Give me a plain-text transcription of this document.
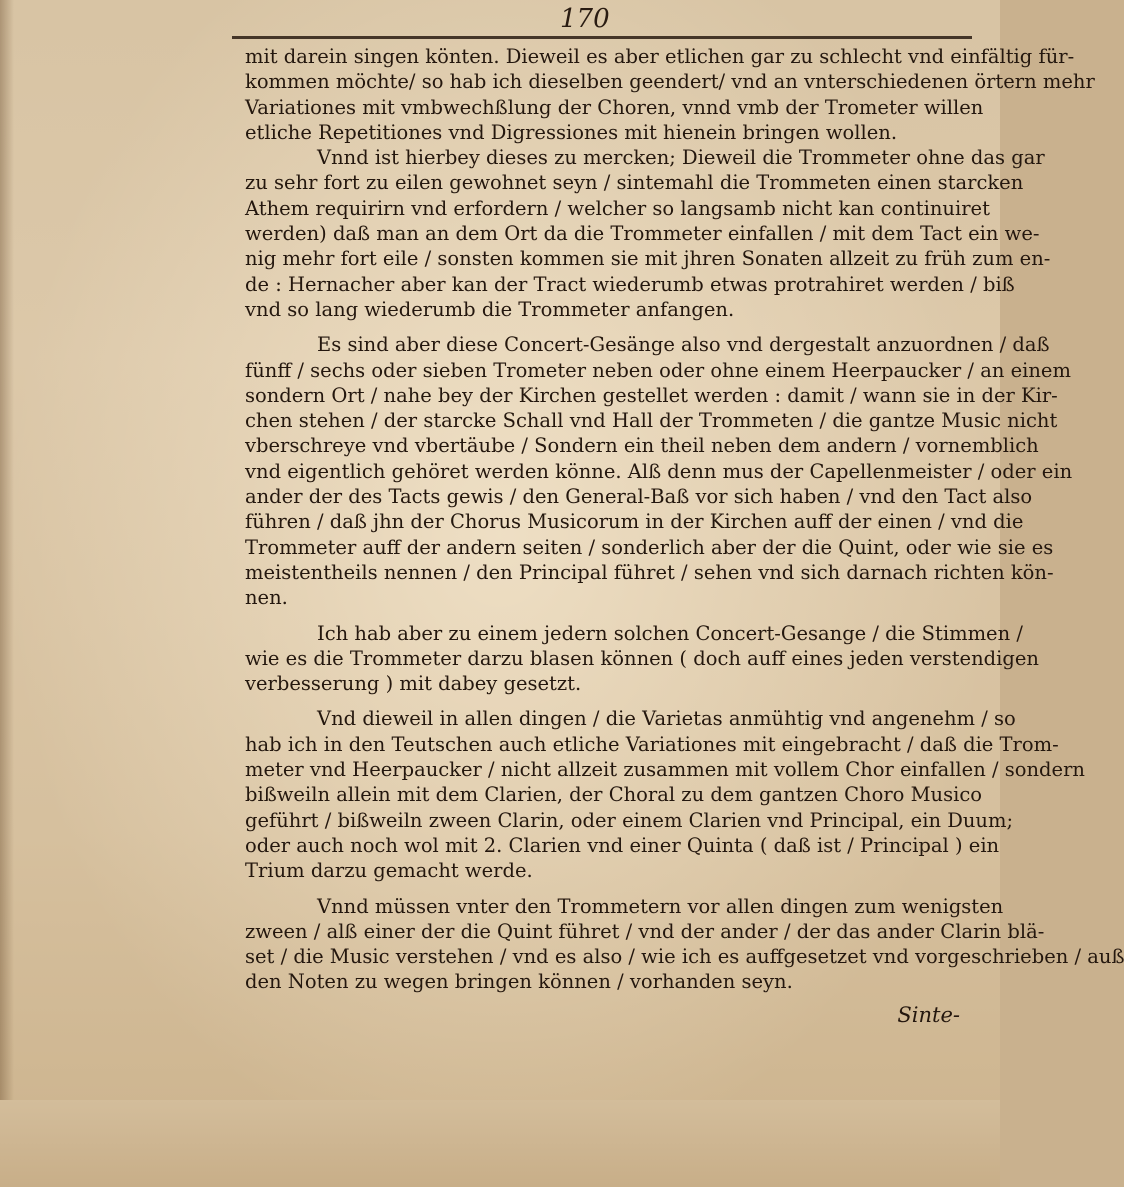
170
mit darein singen könten. Dieweil es aber etlichen gar zu schlecht vnd einfältig für-
kommen möchte/ so hab ich dieselben geendert/ vnd an vnterschiedenen örtern mehr
Variationes mit vmbwechßlung der Choren, vnnd vmb der Trometer willen
etliche Repetitiones vnd Digressiones mit hienein bringen wollen.
Vnnd ist hierbey dieses zu mercken; Dieweil die Trommeter ohne das gar
zu sehr fort zu eilen gewohnet seyn / sintemahl die Trommeten einen starcken
Athem requirirn vnd erfordern / welcher so langsamb nicht kan continuiret
werden) daß man an dem Ort da die Trommeter einfallen / mit dem Tact ein we-
nig mehr fort eile / sonsten kommen sie mit jhren Sonaten allzeit zu früh zum en-
de : Hernacher aber kan der Tract wiederumb etwas protrahiret werden / biß
vnd so lang wiederumb die Trommeter anfangen.
Es sind aber diese Concert-Gesänge also vnd dergestalt anzuordnen / daß
fünff / sechs oder sieben Trometer neben oder ohne einem Heerpaucker / an einem
sondern Ort / nahe bey der Kirchen gestellet werden : damit / wann sie in der Kir-
chen stehen / der starcke Schall vnd Hall der Trommeten / die gantze Music nicht
vberschreye vnd vbertäube / Sondern ein theil neben dem andern / vornemblich
vnd eigentlich gehöret werden könne. Alß denn mus der Capellenmeister / oder ein
ander der des Tacts gewis / den General-Baß vor sich haben / vnd den Tact also
führen / daß jhn der Chorus Musicorum in der Kirchen auff der einen / vnd die
Trommeter auff der andern seiten / sonderlich aber der die Quint, oder wie sie es
meistentheils nennen / den Principal führet / sehen vnd sich darnach richten kön-
nen.
Ich hab aber zu einem jedern solchen Concert-Gesange / die Stimmen /
wie es die Trommeter darzu blasen können ( doch auff eines jeden verstendigen
verbesserung ) mit dabey gesetzt.
Vnd dieweil in allen dingen / die Varietas anmühtig vnd angenehm / so
hab ich in den Teutschen auch etliche Variationes mit eingebracht / daß die Trom-
meter vnd Heerpaucker / nicht allzeit zusammen mit vollem Chor einfallen / sondern
bißweiln allein mit dem Clarien, der Choral zu dem gantzen Choro Musico
geführt / bißweiln zween Clarin, oder einem Clarien vnd Principal, ein Duum;
oder auch noch wol mit 2. Clarien vnd einer Quinta ( daß ist / Principal ) ein
Trium darzu gemacht werde.
Vnnd müssen vnter den Trommetern vor allen dingen zum wenigsten
zween / alß einer der die Quint führet / vnd der ander / der das ander Clarin blä-
set / die Music verstehen / vnd es also / wie ich es auffgesetzet vnd vorgeschrieben / auß
den Noten zu wegen bringen können / vorhanden seyn.
Sinte-
